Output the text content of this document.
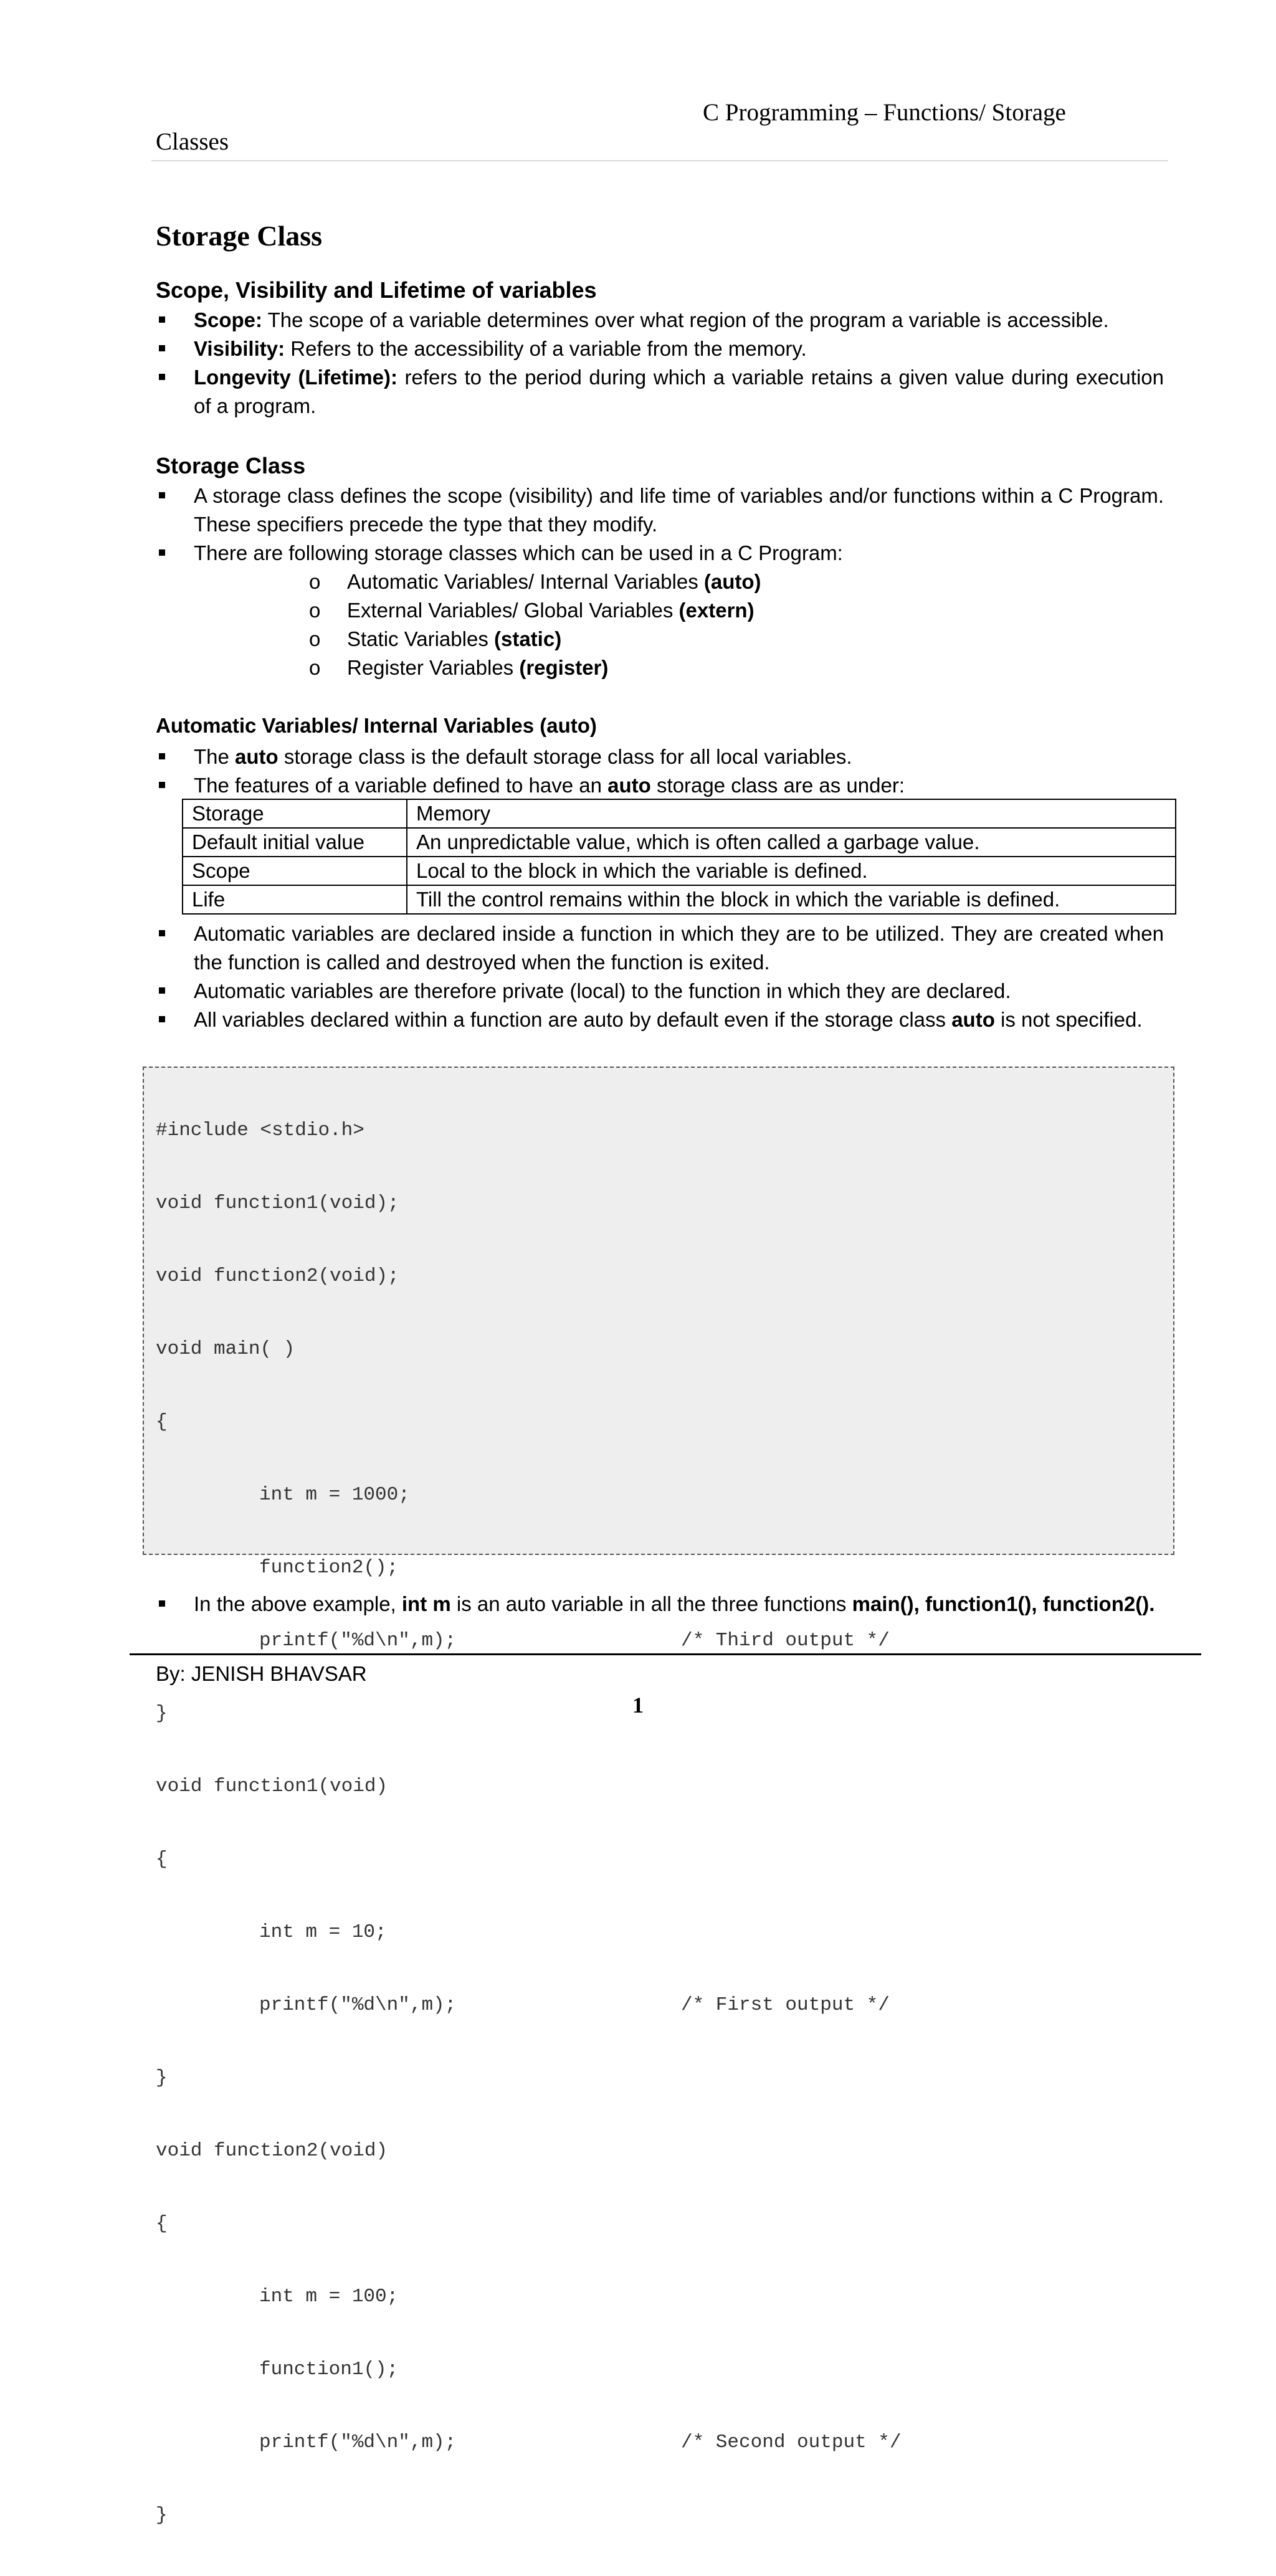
C Programming – Functions/ Storage
Classes
Storage Class
Scope, Visibility and Lifetime of variables
Scope: The scope of a variable determines over what region of the program a variable is accessible.
Visibility: Refers to the accessibility of a variable from the memory.
Longevity (Lifetime): refers to the period during which a variable retains a given value during execution of a program.
Storage Class
A storage class defines the scope (visibility) and life time of variables and/or functions within a C Program. These specifiers precede the type that they modify.
There are following storage classes which can be used in a C Program:
o Automatic Variables/ Internal Variables (auto)
o External Variables/ Global Variables (extern)
o Static Variables (static)
o Register Variables (register)
Automatic Variables/ Internal Variables (auto)
The auto storage class is the default storage class for all local variables.
The features of a variable defined to have an auto storage class are as under:
Storage	Memory
Default initial value	An unpredictable value, which is often called a garbage value.
Scope	Local to the block in which the variable is defined.
Life	Till the control remains within the block in which the variable is defined.
Automatic variables are declared inside a function in which they are to be utilized. They are created when the function is called and destroyed when the function is exited.
Automatic variables are therefore private (local) to the function in which they are declared.
All variables declared within a function are auto by default even if the storage class auto is not specified.

#include <stdio.h>

void function1(void);

void function2(void);

void main( )

{

int m = 1000;

function2();

printf("%d\n",m);	/* Third output */

}

void function1(void)

{

int m = 10;

printf("%d\n",m);	/* First output */

}

void function2(void)

{

int m = 100;

function1();

printf("%d\n",m);	/* Second output */

}

In the above example, int m is an auto variable in all the three functions main(), function1(), function2().
By: JENISH BHAVSAR
1
